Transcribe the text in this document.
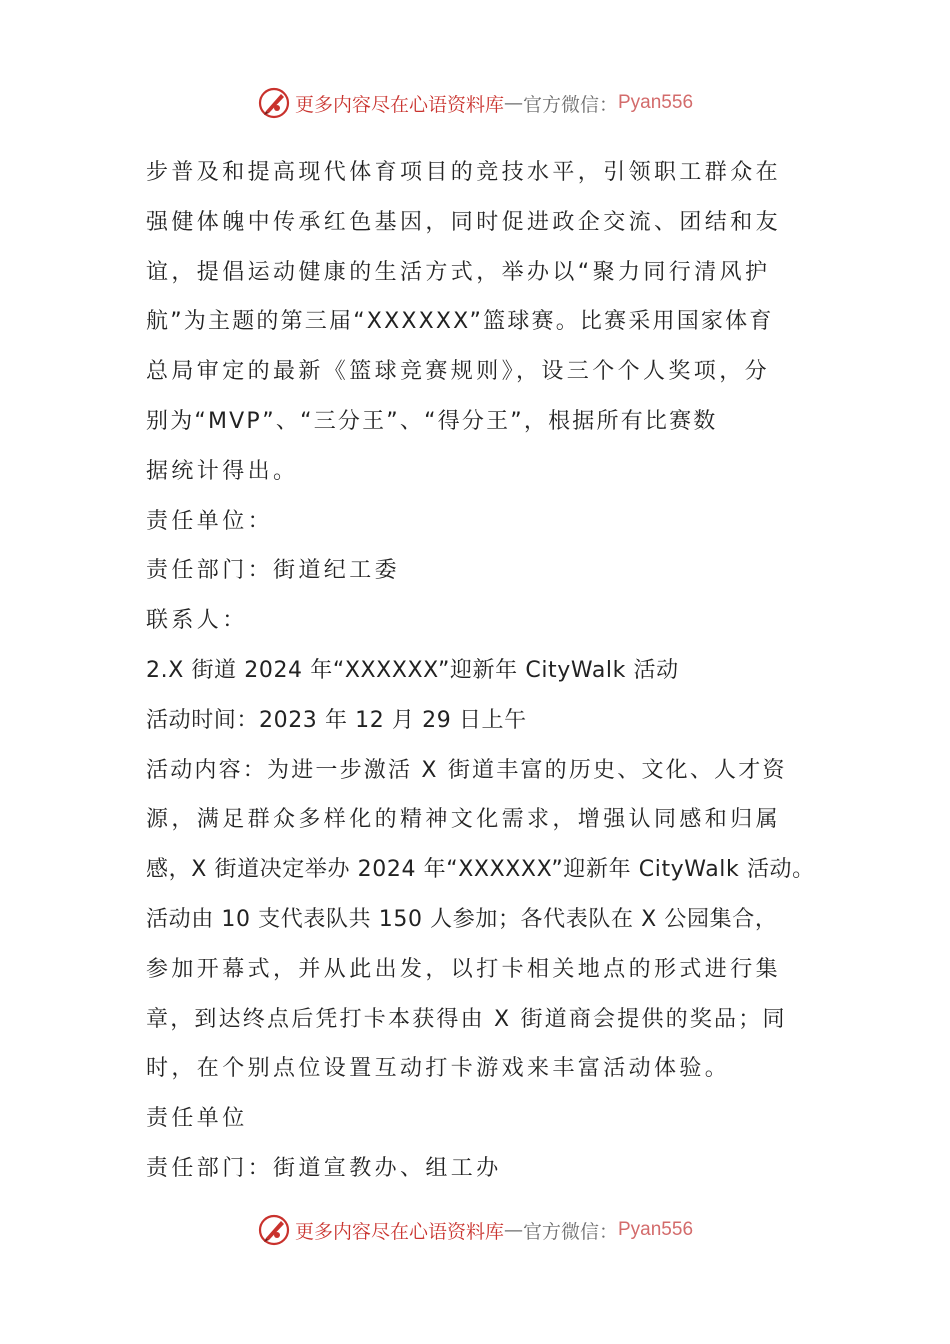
更多内容尽在心语资料库 — 官方微信： Pyan556
步普及和提高现代体育项目的竞技水平，引领职工群众在
强健体魄中传承红色基因，同时促进政企交流、团结和友
谊，提倡运动健康的生活方式，举办以“聚力同行清风护
航”为主题的第三届“XXXXXX”篮球赛。比赛采用国家体育
总局审定的最新《篮球竞赛规则》，设三个个人奖项，分
别为“MVP”、“三分王”、“得分王”，根据所有比赛数
据统计得出。
责任单位：
责任部门：街道纪工委
联系人：
2.X 街道 2024 年“XXXXXX”迎新年 CityWalk 活动
活动时间：2023 年 12 月 29 日上午
活动内容：为进一步激活 X 街道丰富的历史、文化、人才资
源，满足群众多样化的精神文化需求，增强认同感和归属
感，X 街道决定举办 2024 年“XXXXXX”迎新年 CityWalk 活动。
活动由 10 支代表队共 150 人参加；各代表队在 X 公园集合，
参加开幕式，并从此出发，以打卡相关地点的形式进行集
章，到达终点后凭打卡本获得由 X 街道商会提供的奖品；同
时，在个别点位设置互动打卡游戏来丰富活动体验。
责任单位
责任部门：街道宣教办、组工办
更多内容尽在心语资料库 — 官方微信： Pyan556
